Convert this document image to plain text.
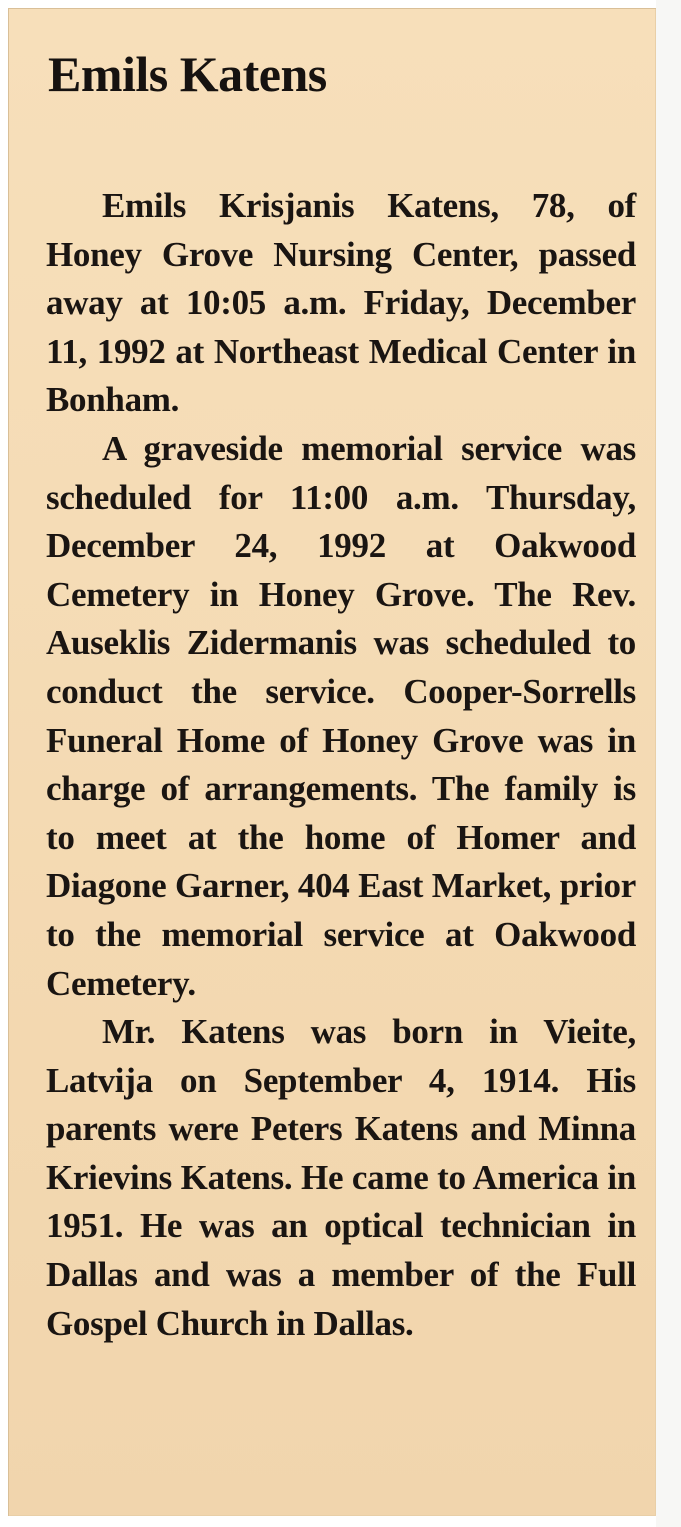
Emils Katens

Emils Krisjanis Katens, 78, of Honey Grove Nursing Center, passed away at 10:05 a.m. Friday, December 11, 1992 at Northeast Medical Center in Bonham.

A graveside memorial service was scheduled for 11:00 a.m. Thursday, December 24, 1992 at Oakwood Cemetery in Honey Grove. The Rev. Auseklis Zidermanis was scheduled to conduct the service. Cooper-Sorrells Funeral Home of Honey Grove was in charge of arrangements. The family is to meet at the home of Homer and Diagone Garner, 404 East Market, prior to the memorial service at Oakwood Cemetery.

Mr. Katens was born in Vieite, Latvija on September 4, 1914. His parents were Peters Katens and Minna Krievins Katens. He came to America in 1951. He was an optical technician in Dallas and was a member of the Full Gospel Church in Dallas.
